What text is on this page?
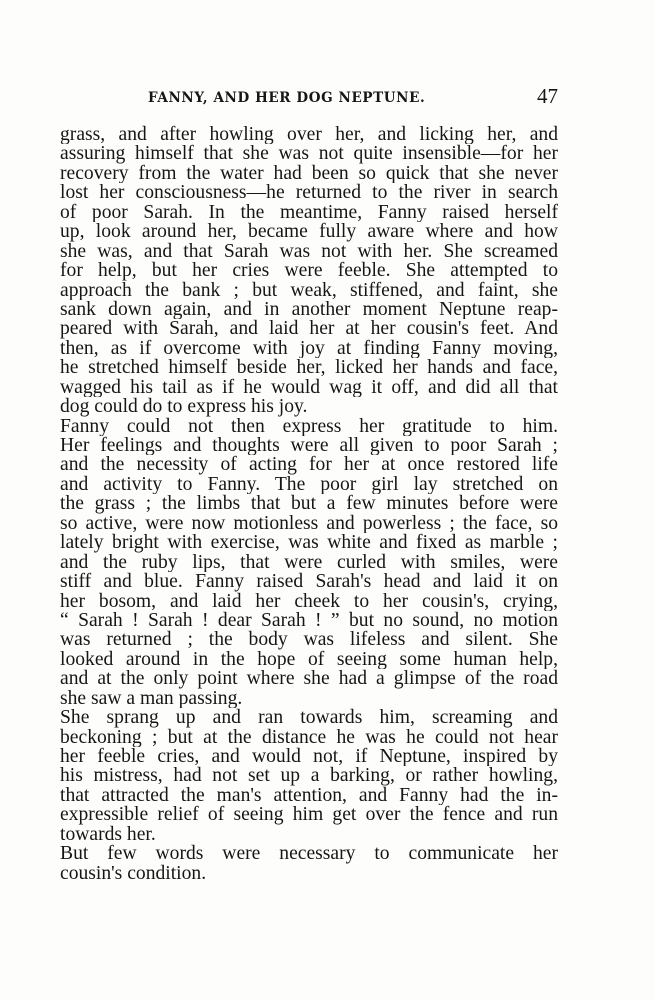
FANNY, AND HER DOG NEPTUNE.	47
grass, and after howling over her, and licking her, and
assuring himself that she was not quite insensible—for her
recovery from the water had been so quick that she never
lost her consciousness—he returned to the river in search
of poor Sarah. In the meantime, Fanny raised herself
up, look around her, became fully aware where and how
she was, and that Sarah was not with her. She screamed
for help, but her cries were feeble. She attempted to
approach the bank ; but weak, stiffened, and faint, she
sank down again, and in another moment Neptune reap-
peared with Sarah, and laid her at her cousin's feet. And
then, as if overcome with joy at finding Fanny moving,
he stretched himself beside her, licked her hands and face,
wagged his tail as if he would wag it off, and did all that
dog could do to express his joy.
Fanny could not then express her gratitude to him.
Her feelings and thoughts were all given to poor Sarah ;
and the necessity of acting for her at once restored life
and activity to Fanny. The poor girl lay stretched on
the grass ; the limbs that but a few minutes before were
so active, were now motionless and powerless ; the face, so
lately bright with exercise, was white and fixed as marble ;
and the ruby lips, that were curled with smiles, were
stiff and blue. Fanny raised Sarah's head and laid it on
her bosom, and laid her cheek to her cousin's, crying,
“ Sarah ! Sarah ! dear Sarah ! ” but no sound, no motion
was returned ; the body was lifeless and silent. She
looked around in the hope of seeing some human help,
and at the only point where she had a glimpse of the road
she saw a man passing.
She sprang up and ran towards him, screaming and
beckoning ; but at the distance he was he could not hear
her feeble cries, and would not, if Neptune, inspired by
his mistress, had not set up a barking, or rather howling,
that attracted the man's attention, and Fanny had the in-
expressible relief of seeing him get over the fence and run
towards her.
But few words were necessary to communicate her
cousin's condition.
